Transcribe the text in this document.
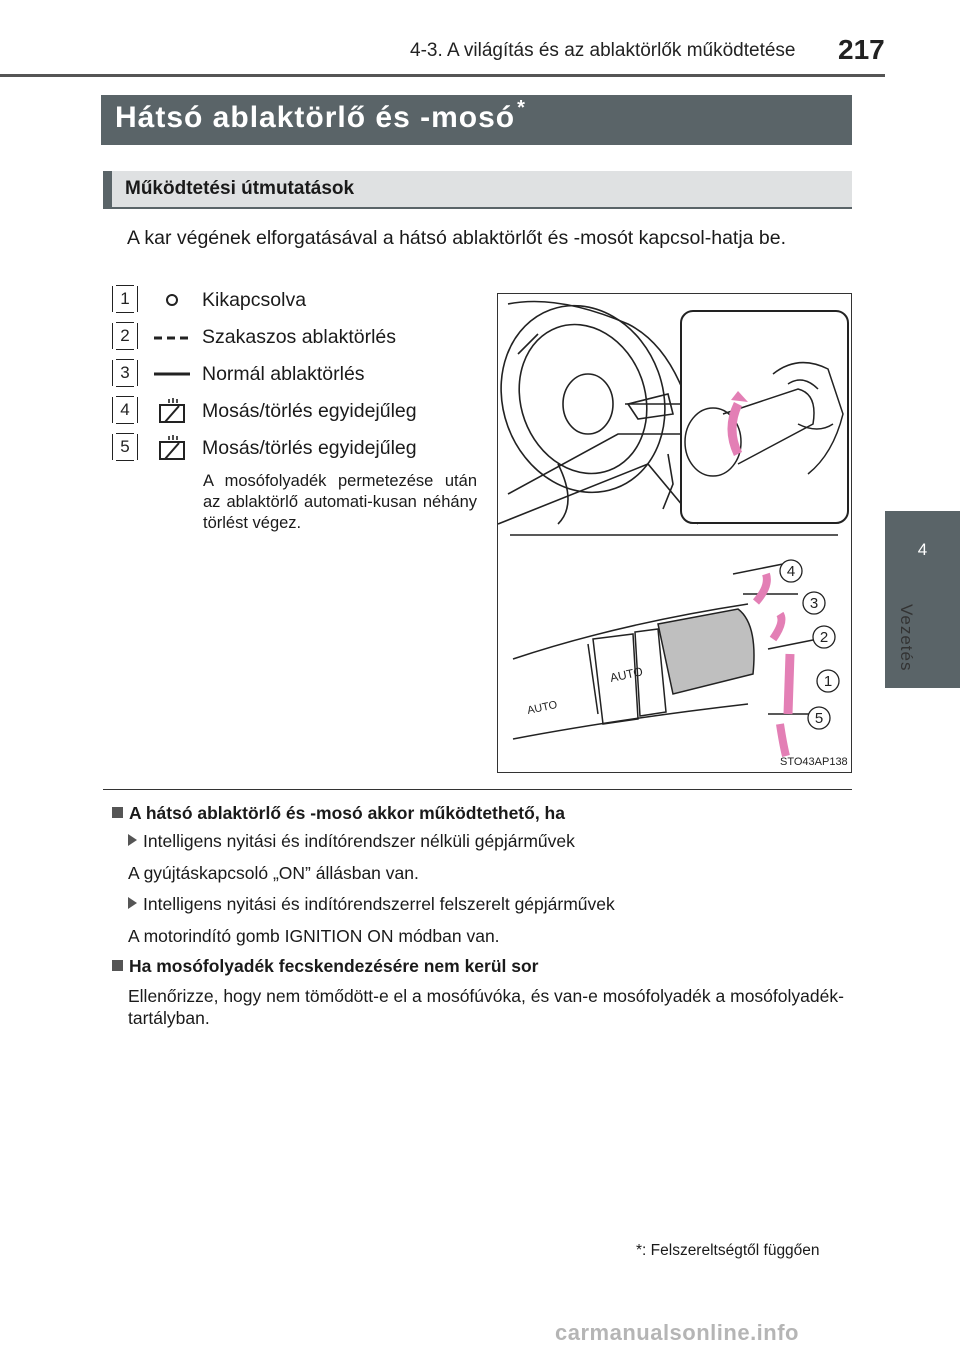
4-3. A világítás és az ablaktörlők működtetése 217
4
Vezetés
Hátsó ablaktörlő és -mosó *
Működtetési útmutatások
A kar végének elforgatásával a hátsó ablaktörlőt és -mosót kapcsol-hatja be.
1	Kikapcsolva
2	Szakaszos ablaktörlés
3	Normál ablaktörlés
4	Mosás/törlés egyidejűleg
5	Mosás/törlés egyidejűleg
A mosófolyadék permetezése után az ablaktörlő automati-kusan néhány törlést végez.
AUTO
AUTO
4
3
2
1
5
STO43AP138
A hátsó ablaktörlő és -mosó akkor működtethető, ha
Intelligens nyitási és indítórendszer nélküli gépjárművek
A gyújtáskapcsoló „ON” állásban van.
Intelligens nyitási és indítórendszerrel felszerelt gépjárművek
A motorindító gomb IGNITION ON módban van.
Ha mosófolyadék fecskendezésére nem kerül sor
Ellenőrizze, hogy nem tömődött-e el a mosófúvóka, és van-e mosófolyadék a mosófolyadék-tartályban.
*: Felszereltségtől függően
carmanualsonline.info
